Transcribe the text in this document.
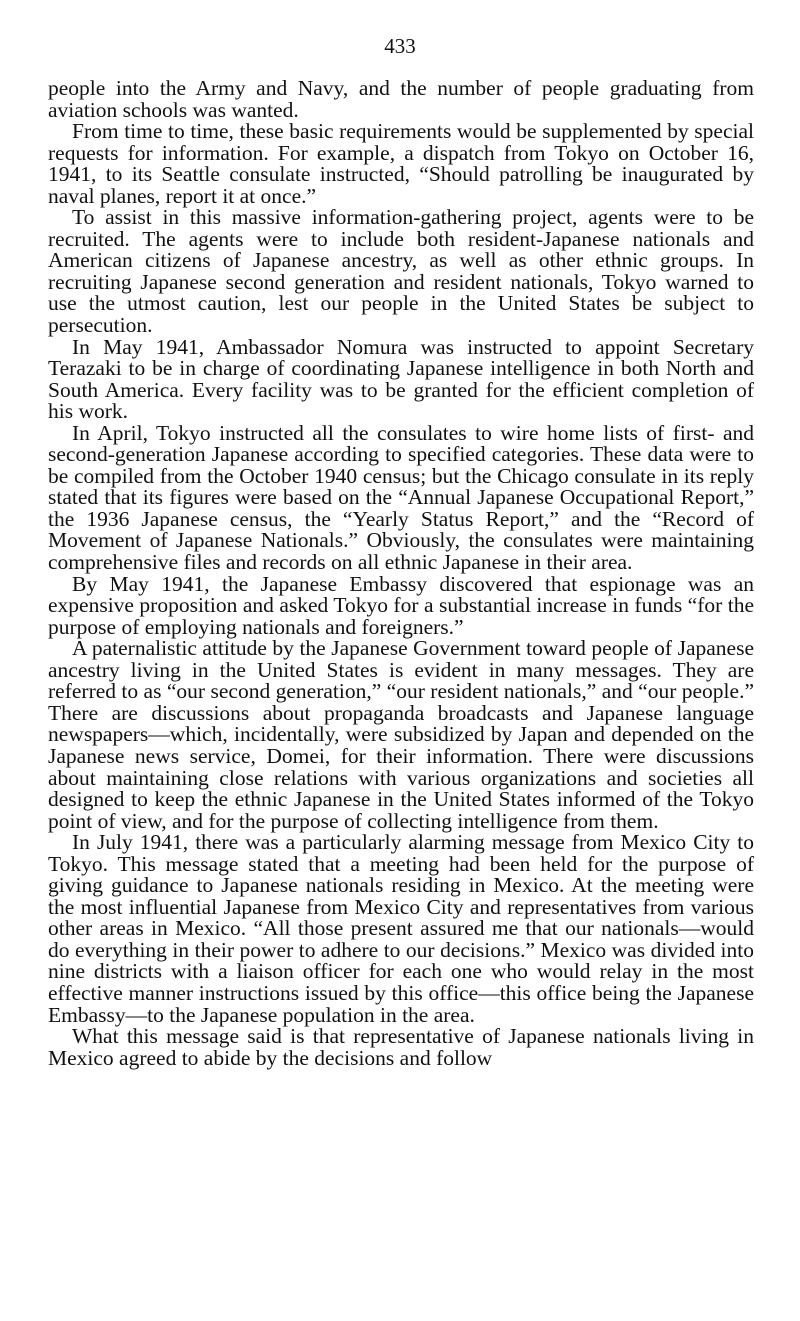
433

people into the Army and Navy, and the number of people graduating from aviation schools was wanted.

From time to time, these basic requirements would be supplemented by special requests for information. For example, a dispatch from Tokyo on October 16, 1941, to its Seattle consulate instructed, “Should patrolling be inaugurated by naval planes, report it at once.”

To assist in this massive information-gathering project, agents were to be recruited. The agents were to include both resident-Japanese nationals and American citizens of Japanese ancestry, as well as other ethnic groups. In recruiting Japanese second generation and resident nationals, Tokyo warned to use the utmost caution, lest our people in the United States be subject to persecution.

In May 1941, Ambassador Nomura was instructed to appoint Secretary Terazaki to be in charge of coordinating Japanese intelligence in both North and South America. Every facility was to be granted for the efficient completion of his work.

In April, Tokyo instructed all the consulates to wire home lists of first- and second-generation Japanese according to specified categories. These data were to be compiled from the October 1940 census; but the Chicago consulate in its reply stated that its figures were based on the “Annual Japanese Occupational Report,” the 1936 Japanese census, the “Yearly Status Report,” and the “Record of Movement of Japanese Nationals.” Obviously, the consulates were maintaining comprehensive files and records on all ethnic Japanese in their area.

By May 1941, the Japanese Embassy discovered that espionage was an expensive proposition and asked Tokyo for a substantial increase in funds “for the purpose of employing nationals and foreigners.”

A paternalistic attitude by the Japanese Government toward people of Japanese ancestry living in the United States is evident in many messages. They are referred to as “our second generation,” “our resident nationals,” and “our people.” There are discussions about propaganda broadcasts and Japanese language newspapers—which, incidentally, were subsidized by Japan and depended on the Japanese news service, Domei, for their information. There were discussions about maintaining close relations with various organizations and societies all designed to keep the ethnic Japanese in the United States informed of the Tokyo point of view, and for the purpose of collecting intelligence from them.

In July 1941, there was a particularly alarming message from Mexico City to Tokyo. This message stated that a meeting had been held for the purpose of giving guidance to Japanese nationals residing in Mexico. At the meeting were the most influential Japanese from Mexico City and representatives from various other areas in Mexico. “All those present assured me that our nationals—would do everything in their power to adhere to our decisions.” Mexico was divided into nine districts with a liaison officer for each one who would relay in the most effective manner instructions issued by this office—this office being the Japanese Embassy—to the Japanese population in the area.

What this message said is that representative of Japanese nationals living in Mexico agreed to abide by the decisions and follow
